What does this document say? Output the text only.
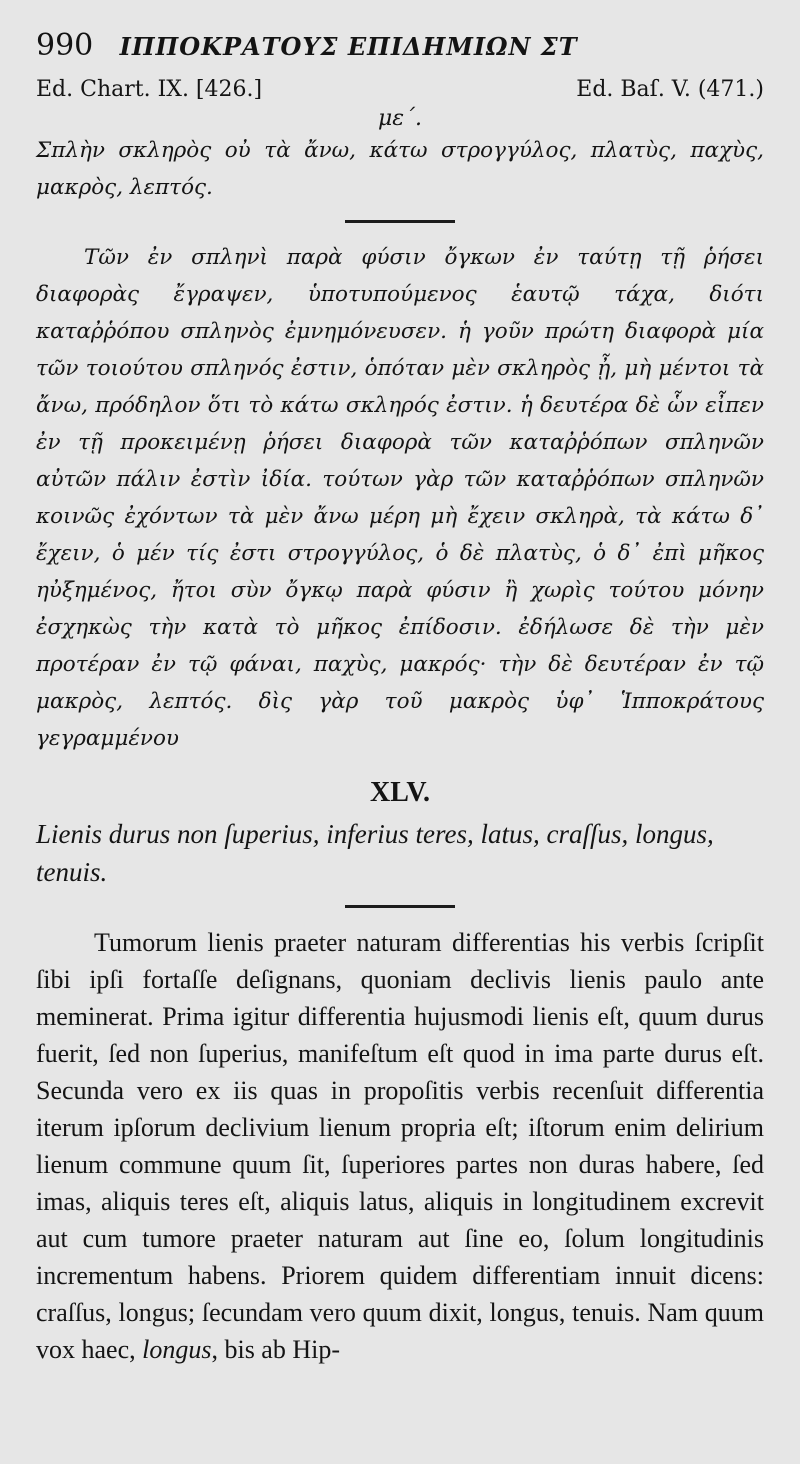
990 ΙΠΠΟΚΡΑΤΟΥΣ ΕΠΙΔΗΜΙΩΝ ΣΤ
Ed. Chart. IX. [426.]	Ed. Baſ. V. (471.)
με΄.

Σπλὴν σκληρὸς οὐ τὰ ἄνω, κάτω στρογγύλος, πλατὺς, παχὺς, μακρὸς, λεπτός.

Τῶν ἐν σπληνὶ παρὰ φύσιν ὄγκων ἐν ταύτῃ τῇ ῥήσει διαφορὰς ἔγραψεν, ὑποτυπούμενος ἑαυτῷ τάχα, διότι καταῤῥόπου σπληνὸς ἐμνημόνευσεν. ἡ γοῦν πρώτη διαφορὰ μία τῶν τοιούτου σπληνός ἐστιν, ὁπόταν μὲν σκληρὸς ᾖ, μὴ μέντοι τὰ ἄνω, πρόδηλον ὅτι τὸ κάτω σκληρός ἐστιν. ἡ δευτέρα δὲ ὧν εἶπεν ἐν τῇ προκειμένῃ ῥήσει διαφορὰ τῶν καταῤῥόπων σπληνῶν αὐτῶν πάλιν ἐστὶν ἰδία. τούτων γὰρ τῶν καταῤῥόπων σπληνῶν κοινῶς ἐχόντων τὰ μὲν ἄνω μέρη μὴ ἔχειν σκληρὰ, τὰ κάτω δ᾽ ἔχειν, ὁ μέν τίς ἐστι στρογγύλος, ὁ δὲ πλατὺς, ὁ δ᾽ ἐπὶ μῆκος ηὐξημένος, ἤτοι σὺν ὄγκῳ παρὰ φύσιν ἢ χωρὶς τούτου μόνην ἐσχηκὼς τὴν κατὰ τὸ μῆκος ἐπίδοσιν. ἐδήλωσε δὲ τὴν μὲν προτέραν ἐν τῷ φάναι, παχὺς, μακρός· τὴν δὲ δευτέραν ἐν τῷ μακρὸς, λεπτός. δὶς γὰρ τοῦ μακρὸς ὑφ᾽ Ἱπποκράτους γεγραμμένου

XLV.

Lienis durus non ſuperius, inferius teres, latus, craſſus, longus, tenuis.

Tumorum lienis praeter naturam differentias his verbis ſcripſit ſibi ipſi fortaſſe deſignans, quoniam declivis lienis paulo ante meminerat. Prima igitur differentia hujusmodi lienis eſt, quum durus fuerit, ſed non ſuperius, manifeſtum eſt quod in ima parte durus eſt. Secunda vero ex iis quas in propoſitis verbis recenſuit differentia iterum ipſorum declivium lienum propria eſt; iſtorum enim delirium lienum commune quum ſit, ſuperiores partes non duras habere, ſed imas, aliquis teres eſt, aliquis latus, aliquis in longitudinem excrevit aut cum tumore praeter naturam aut ſine eo, ſolum longitudinis incrementum habens. Priorem quidem differentiam innuit dicens: craſſus, longus; ſecundam vero quum dixit, longus, tenuis. Nam quum vox haec, longus, bis ab Hip-
